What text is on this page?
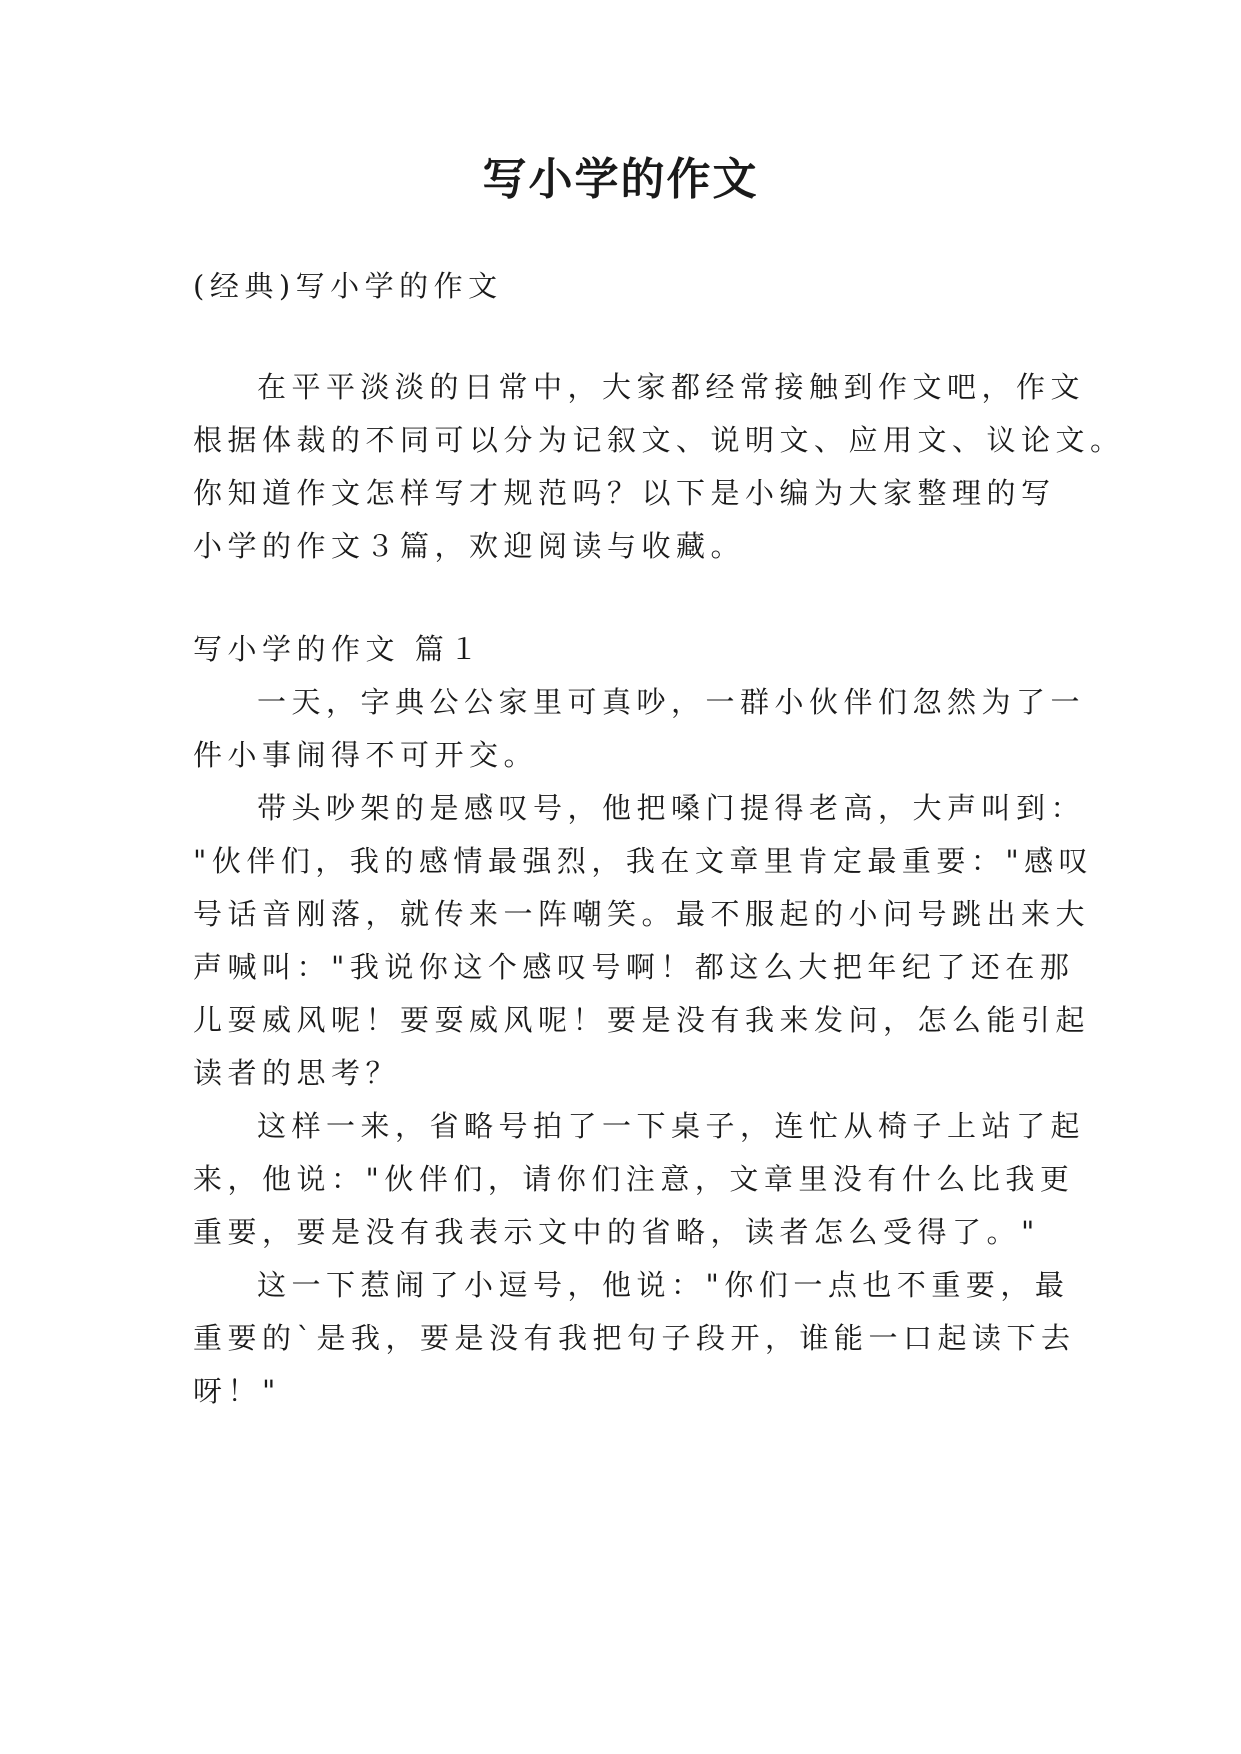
写小学的作文
(经典)写小学的作文
在平平淡淡的日常中，大家都经常接触到作文吧，作文
根据体裁的不同可以分为记叙文、说明文、应用文、议论文。
你知道作文怎样写才规范吗？以下是小编为大家整理的写
小学的作文３篇，欢迎阅读与收藏。
写小学的作文 篇１
一天，字典公公家里可真吵，一群小伙伴们忽然为了一
件小事闹得不可开交。
带头吵架的是感叹号，他把嗓门提得老高，大声叫到：
"伙伴们，我的感情最强烈，我在文章里肯定最重要："感叹
号话音刚落，就传来一阵嘲笑。最不服起的小问号跳出来大
声喊叫："我说你这个感叹号啊！都这么大把年纪了还在那
儿耍威风呢！要耍威风呢！要是没有我来发问，怎么能引起
读者的思考？
这样一来，省略号拍了一下桌子，连忙从椅子上站了起
来，他说："伙伴们，请你们注意，文章里没有什么比我更
重要，要是没有我表示文中的省略，读者怎么受得了。"
这一下惹闹了小逗号，他说："你们一点也不重要，最
重要的`是我，要是没有我把句子段开，谁能一口起读下去
呀！"
